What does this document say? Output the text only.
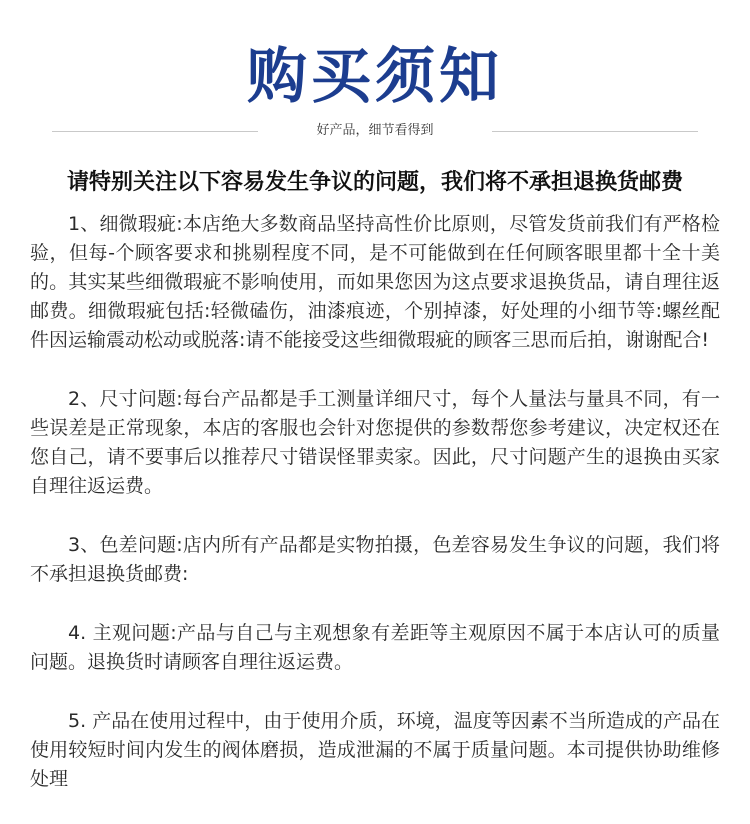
购买须知
好产品，细节看得到
请特别关注以下容易发生争议的问题，我们将不承担退换货邮费

1、细微瑕疵:本店绝大多数商品坚持高性价比原则，尽管发货前我们有严格检验，但每-个顾客要求和挑剔程度不同，是不可能做到在任何顾客眼里都十全十美的。其实某些细微瑕疵不影响使用，而如果您因为这点要求退换货品，请自理往返邮费。细微瑕疵包括:轻微磕伤，油漆痕迹，个别掉漆，好处理的小细节等:螺丝配件因运输震动松动或脱落:请不能接受这些细微瑕疵的顾客三思而后拍，谢谢配合!

2、尺寸问题:每台产品都是手工测量详细尺寸，每个人量法与量具不同，有一些误差是正常现象，本店的客服也会针对您提供的参数帮您参考建议，决定权还在您自己，请不要事后以推荐尺寸错误怪罪卖家。因此，尺寸问题产生的退换由买家自理往返运费。

3、色差问题:店内所有产品都是实物拍摄，色差容易发生争议的问题，我们将不承担退换货邮费:

4. 主观问题:产品与自己与主观想象有差距等主观原因不属于本店认可的质量问题。退换货时请顾客自理往返运费。

5. 产品在使用过程中，由于使用介质，环境，温度等因素不当所造成的产品在使用较短时间内发生的阀体磨损，造成泄漏的不属于质量问题。本司提供协助维修处理
